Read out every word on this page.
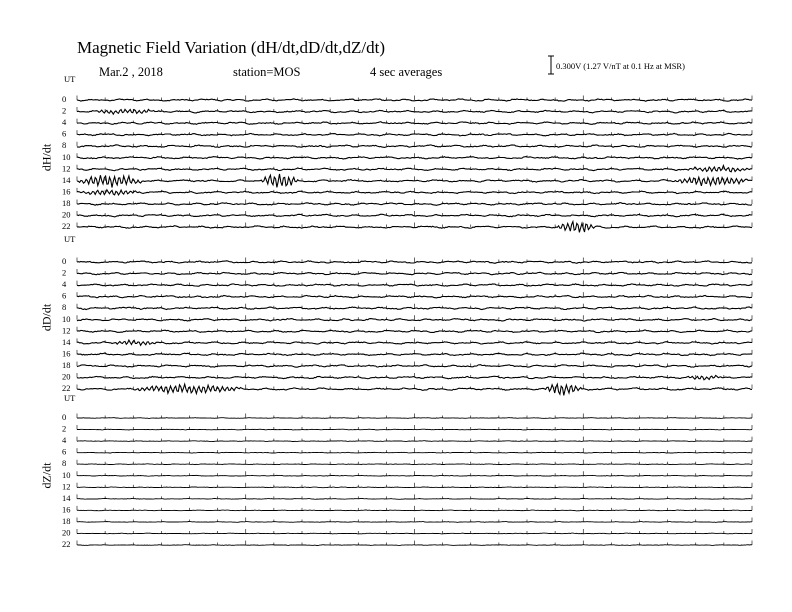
Magnetic Field Variation (dH/dt,dD/dt,dZ/dt)
Mar.2 , 2018	station=MOS	4 sec averages	0.300V (1.27 V/nT at 0.1 Hz at MSR)
UT
UT
UT
dH/dt
dD/dt
dZ/dt
0
2
4
6
8
10
12
14
16
18
20
22
0
2
4
6
8
10
12
14
16
18
20
22
0
2
4
6
8
10
12
14
16
18
20
22
